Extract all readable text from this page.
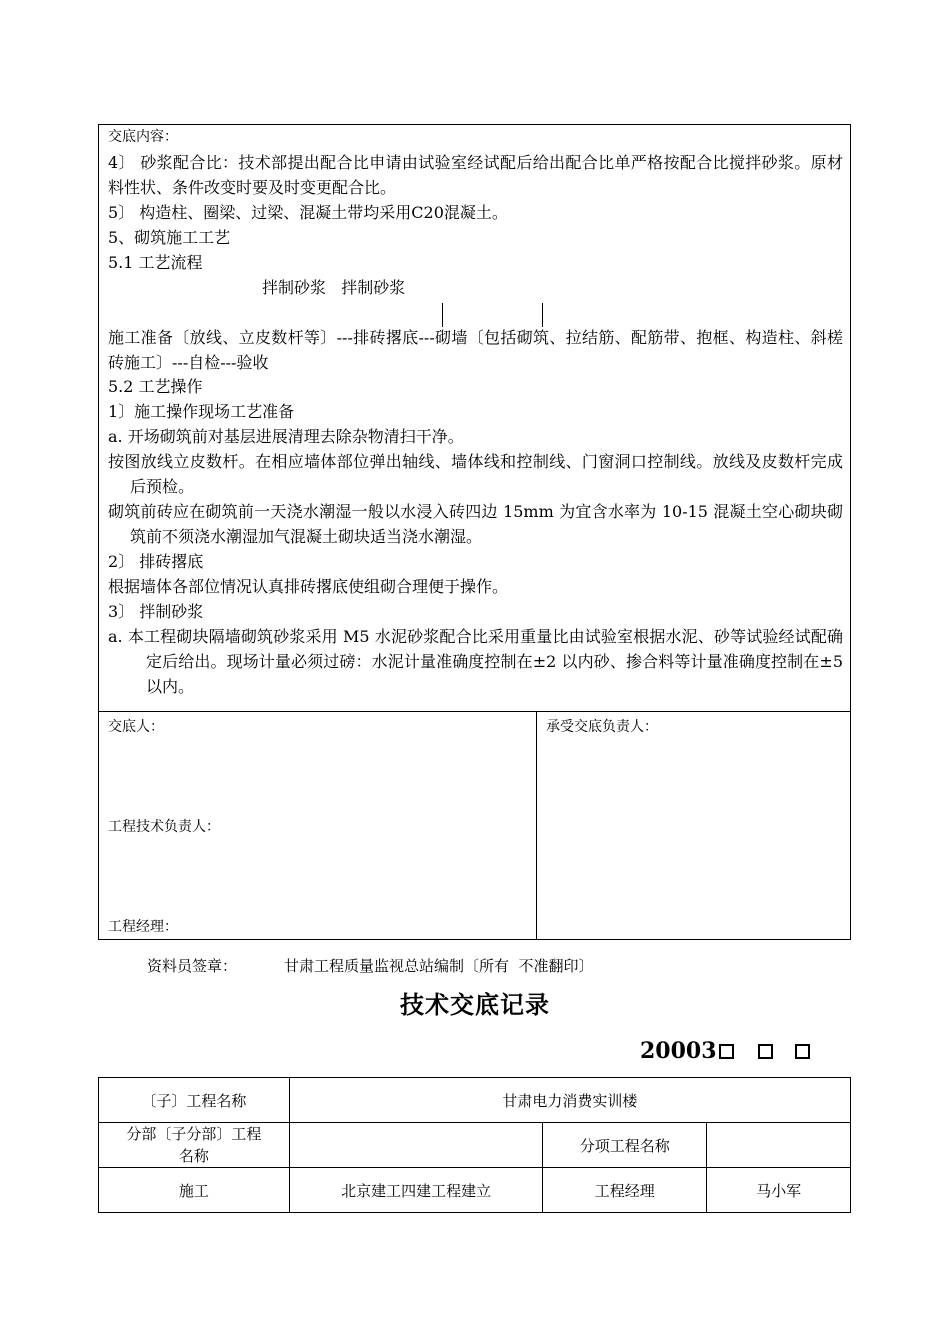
交底内容：
4〕 砂浆配合比：技术部提出配合比申请由试验室经试配后给出配合比单严格按配合比搅拌砂浆。原材料性状、条件改变时要及时变更配合比。
5〕 构造柱、圈梁、过梁、混凝土带均采用C20混凝土。
5、砌筑施工工艺
5.1 工艺流程
拌制砂浆   拌制砂浆
施工准备〔放线、立皮数杆等〕---排砖撂底---砌墙〔包括砌筑、拉结筋、配筋带、抱框、构造柱、斜槎砖施工〕---自检---验收
5.2 工艺操作
1〕施工操作现场工艺准备
a. 开场砌筑前对基层进展清理去除杂物清扫干净。
按图放线立皮数杆。在相应墙体部位弹出轴线、墙体线和控制线、门窗洞口控制线。放线及皮数杆完成后预检。
砌筑前砖应在砌筑前一天浇水潮湿一般以水浸入砖四边 15mm 为宜含水率为 10-15 混凝土空心砌块砌筑前不须浇水潮湿加气混凝土砌块适当浇水潮湿。
2〕 排砖撂底
根据墙体各部位情况认真排砖撂底使组砌合理便于操作。
3〕 拌制砂浆
a. 本工程砌块隔墙砌筑砂浆采用 M5 水泥砂浆配合比采用重量比由试验室根据水泥、砂等试验经试配确定后给出。现场计量必须过磅：水泥计量准确度控制在±2 以内砂、掺合料等计量准确度控制在±5 以内。
交底人：
工程技术负责人：
工程经理：
承受交底负责人：
资料员签章：	甘肃工程质量监视总站编制〔所有  不准翻印〕
技术交底记录
20003
〔子〕工程名称	甘肃电力消费实训楼		
分部〔子分部〕工程名称		分项工程名称	
施工	北京建工四建工程建立	工程经理	马小军
